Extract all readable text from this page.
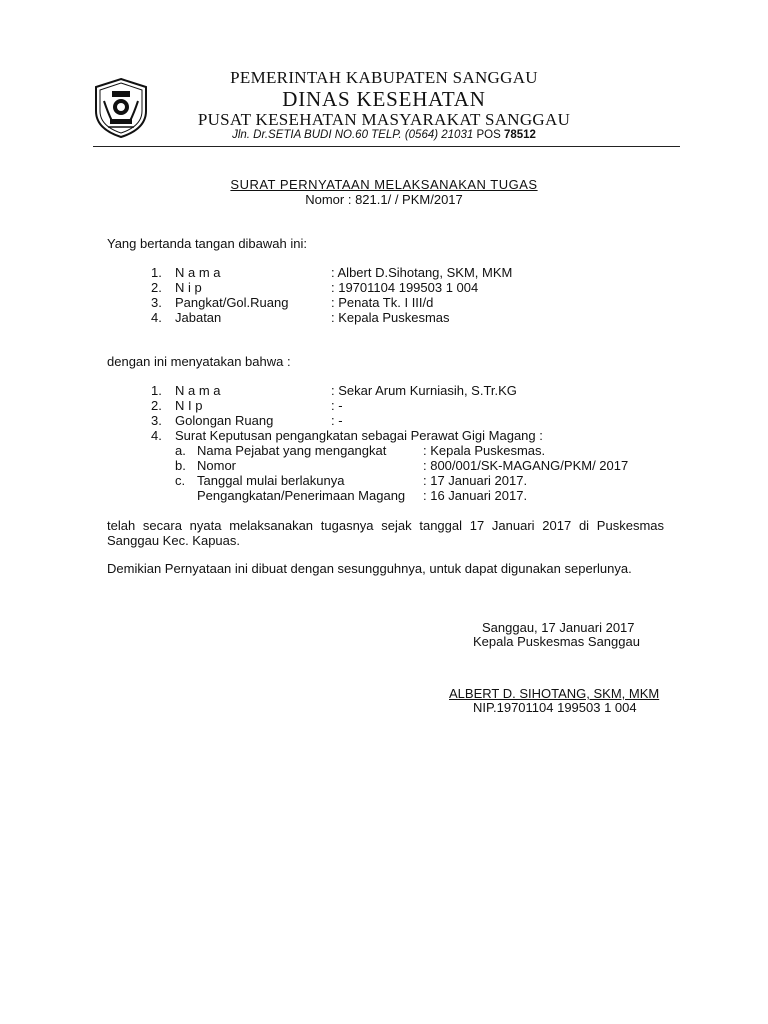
PEMERINTAH KABUPATEN SANGGAU
DINAS KESEHATAN
PUSAT KESEHATAN MASYARAKAT SANGGAU
Jln. Dr.SETIA BUDI NO.60 TELP. (0564) 21031 POS 78512
SURAT PERNYATAAN MELAKSANAKAN TUGAS
Nomor : 821.1/ / PKM/2017
Yang bertanda tangan dibawah ini:
1. N a m a	: Albert D.Sihotang, SKM, MKM
2. N i p	: 19701104 199503 1 004
3. Pangkat/Gol.Ruang	: Penata Tk. I III/d
4. Jabatan	: Kepala Puskesmas
dengan ini menyatakan bahwa :
1. N a m a	: Sekar Arum Kurniasih, S.Tr.KG
2. N I p	: -
3. Golongan Ruang	: -
4. Surat Keputusan pengangkatan sebagai Perawat Gigi Magang :
a. Nama Pejabat yang mengangkat	: Kepala Puskesmas.
b. Nomor	: 800/001/SK-MAGANG/PKM/ 2017
c. Tanggal mulai berlakunya	: 17 Januari 2017.
Pengangkatan/Penerimaan Magang : 16 Januari 2017.
telah secara nyata melaksanakan tugasnya sejak tanggal 17 Januari 2017 di Puskesmas Sanggau Kec. Kapuas.
Demikian Pernyataan ini dibuat dengan sesungguhnya, untuk dapat digunakan seperlunya.
Sanggau, 17 Januari 2017
Kepala Puskesmas Sanggau
ALBERT D. SIHOTANG, SKM, MKM
NIP.19701104 199503 1 004
